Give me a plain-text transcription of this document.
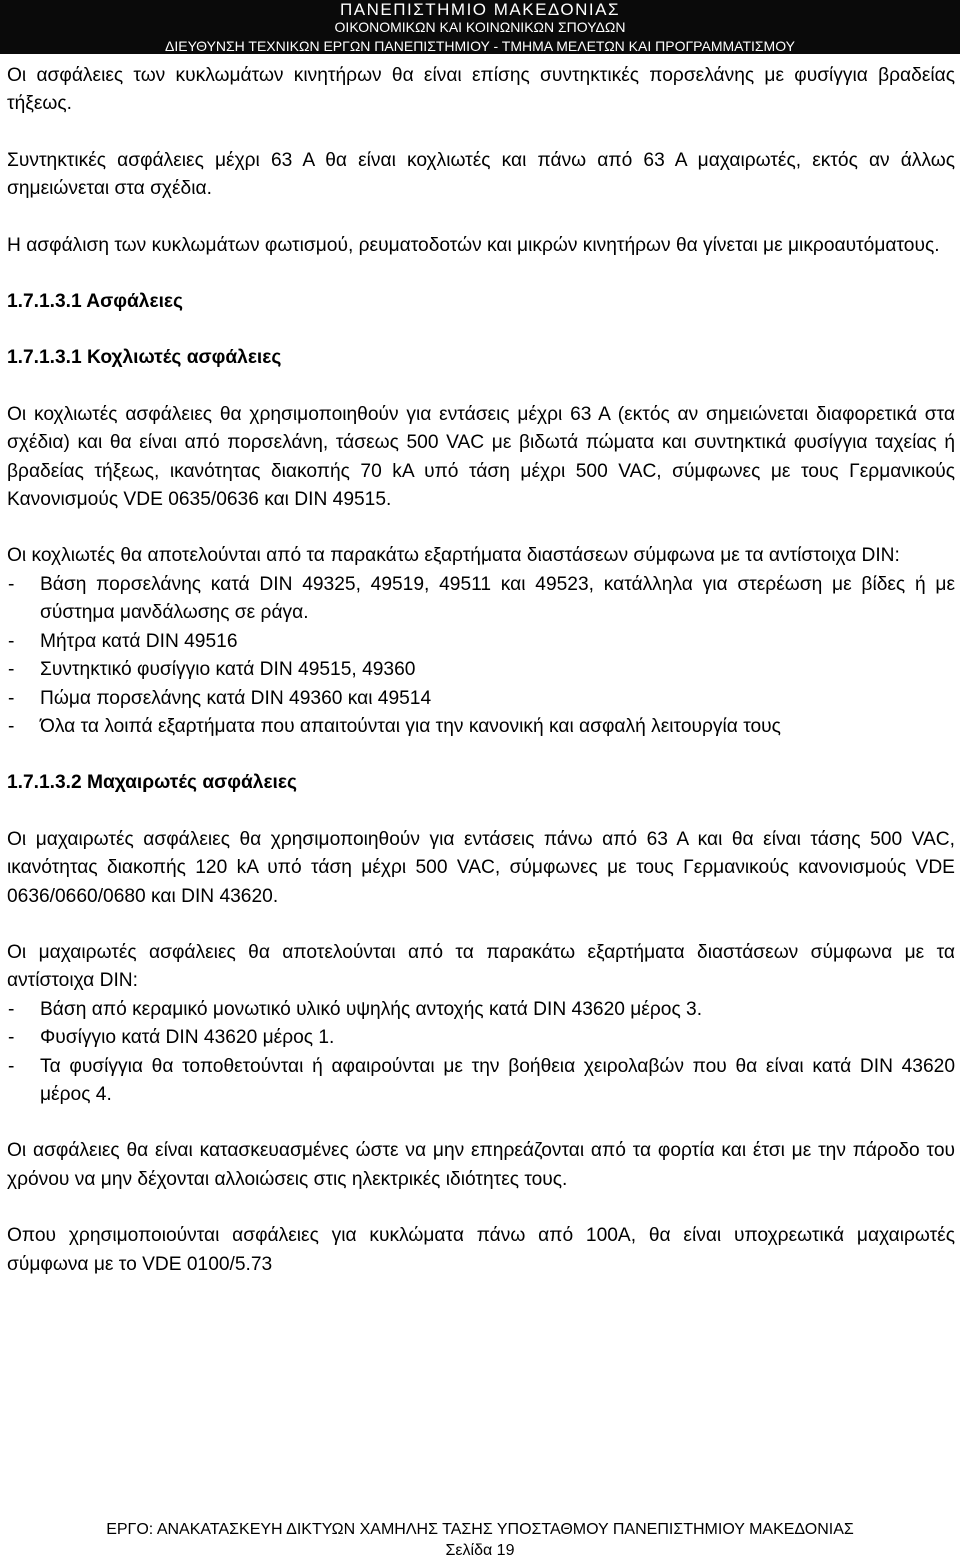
ΠΑΝΕΠΙΣΤΗΜΙΟ ΜΑΚΕΔΟΝΙΑΣ
ΟΙΚΟΝΟΜΙΚΩΝ ΚΑΙ ΚΟΙΝΩΝΙΚΩΝ ΣΠΟΥΔΩΝ
ΔΙΕΥΘΥΝΣΗ ΤΕΧΝΙΚΩΝ ΕΡΓΩΝ ΠΑΝΕΠΙΣΤΗΜΙΟΥ - ΤΜΗΜΑ ΜΕΛΕΤΩΝ ΚΑΙ ΠΡΟΓΡΑΜΜΑΤΙΣΜΟΥ

Οι ασφάλειες των κυκλωμάτων κινητήρων θα είναι επίσης συντηκτικές πορσελάνης με φυσίγγια βραδείας τήξεως.

Συντηκτικές ασφάλειες μέχρι 63 Α θα είναι κοχλιωτές και πάνω από 63 Α μαχαιρωτές, εκτός αν άλλως σημειώνεται στα σχέδια.

Η ασφάλιση των κυκλωμάτων φωτισμού, ρευματοδοτών και μικρών κινητήρων θα γίνεται με μικροαυτόματους.

1.7.1.3.1 Ασφάλειες
1.7.1.3.1 Κοχλιωτές ασφάλειες

Οι κοχλιωτές ασφάλειες θα χρησιμοποιηθούν για εντάσεις μέχρι 63 Α (εκτός αν σημειώνεται διαφορετικά στα σχέδια) και θα είναι από πορσελάνη, τάσεως 500 VAC με βιδωτά πώματα και συντηκτικά φυσίγγια ταχείας ή βραδείας τήξεως, ικανότητας διακοπής 70 kA υπό τάση μέχρι 500 VAC, σύμφωνες με τους Γερμανικούς Κανονισμούς VDE 0635/0636 και DIN 49515.

Οι κοχλιωτές θα αποτελούνται από τα παρακάτω εξαρτήματα διαστάσεων σύμφωνα με τα αντίστοιχα DIN:

- Βάση πορσελάνης κατά DIN 49325, 49519, 49511 και 49523, κατάλληλα για στερέωση με βίδες ή με σύστημα μανδάλωσης σε ράγα.
- Μήτρα κατά DIN 49516
- Συντηκτικό φυσίγγιο κατά DIN 49515, 49360
- Πώμα πορσελάνης κατά DIN 49360 και 49514
- Όλα τα λοιπά εξαρτήματα που απαιτούνται για την κανονική και ασφαλή λειτουργία τους
1.7.1.3.2 Μαχαιρωτές ασφάλειες

Οι μαχαιρωτές ασφάλειες θα χρησιμοποιηθούν για εντάσεις πάνω από 63 Α και θα είναι τάσης 500 VAC, ικανότητας διακοπής 120 kA υπό τάση μέχρι 500 VAC, σύμφωνες με τους Γερμανικούς κανονισμούς VDE 0636/0660/0680 και DIN 43620.

Οι μαχαιρωτές ασφάλειες θα αποτελούνται από τα παρακάτω εξαρτήματα διαστάσεων σύμφωνα με τα αντίστοιχα DIN:

- Βάση από κεραμικό μονωτικό υλικό υψηλής αντοχής κατά DIN 43620 μέρος 3.
- Φυσίγγιο κατά DIN 43620 μέρος 1.
- Τα φυσίγγια θα τοποθετούνται ή αφαιρούνται με την βοήθεια χειρολαβών που θα είναι κατά DIN 43620 μέρος 4.

Οι ασφάλειες θα είναι κατασκευασμένες ώστε να μην επηρεάζονται από τα φορτία και έτσι με την πάροδο του χρόνου να μην δέχονται αλλοιώσεις στις ηλεκτρικές ιδιότητες τους.

Οπου χρησιμοποιούνται ασφάλειες για κυκλώματα πάνω από 100Α, θα είναι υποχρεωτικά μαχαιρωτές σύμφωνα με το VDE 0100/5.73

ΕΡΓΟ: ΑΝΑΚΑΤΑΣΚΕΥΗ ΔΙΚΤΥΩΝ ΧΑΜΗΛΗΣ ΤΑΣΗΣ ΥΠΟΣΤΑΘΜΟΥ ΠΑΝΕΠΙΣΤΗΜΙΟΥ ΜΑΚΕΔΟΝΙΑΣ
Σελίδα 19
